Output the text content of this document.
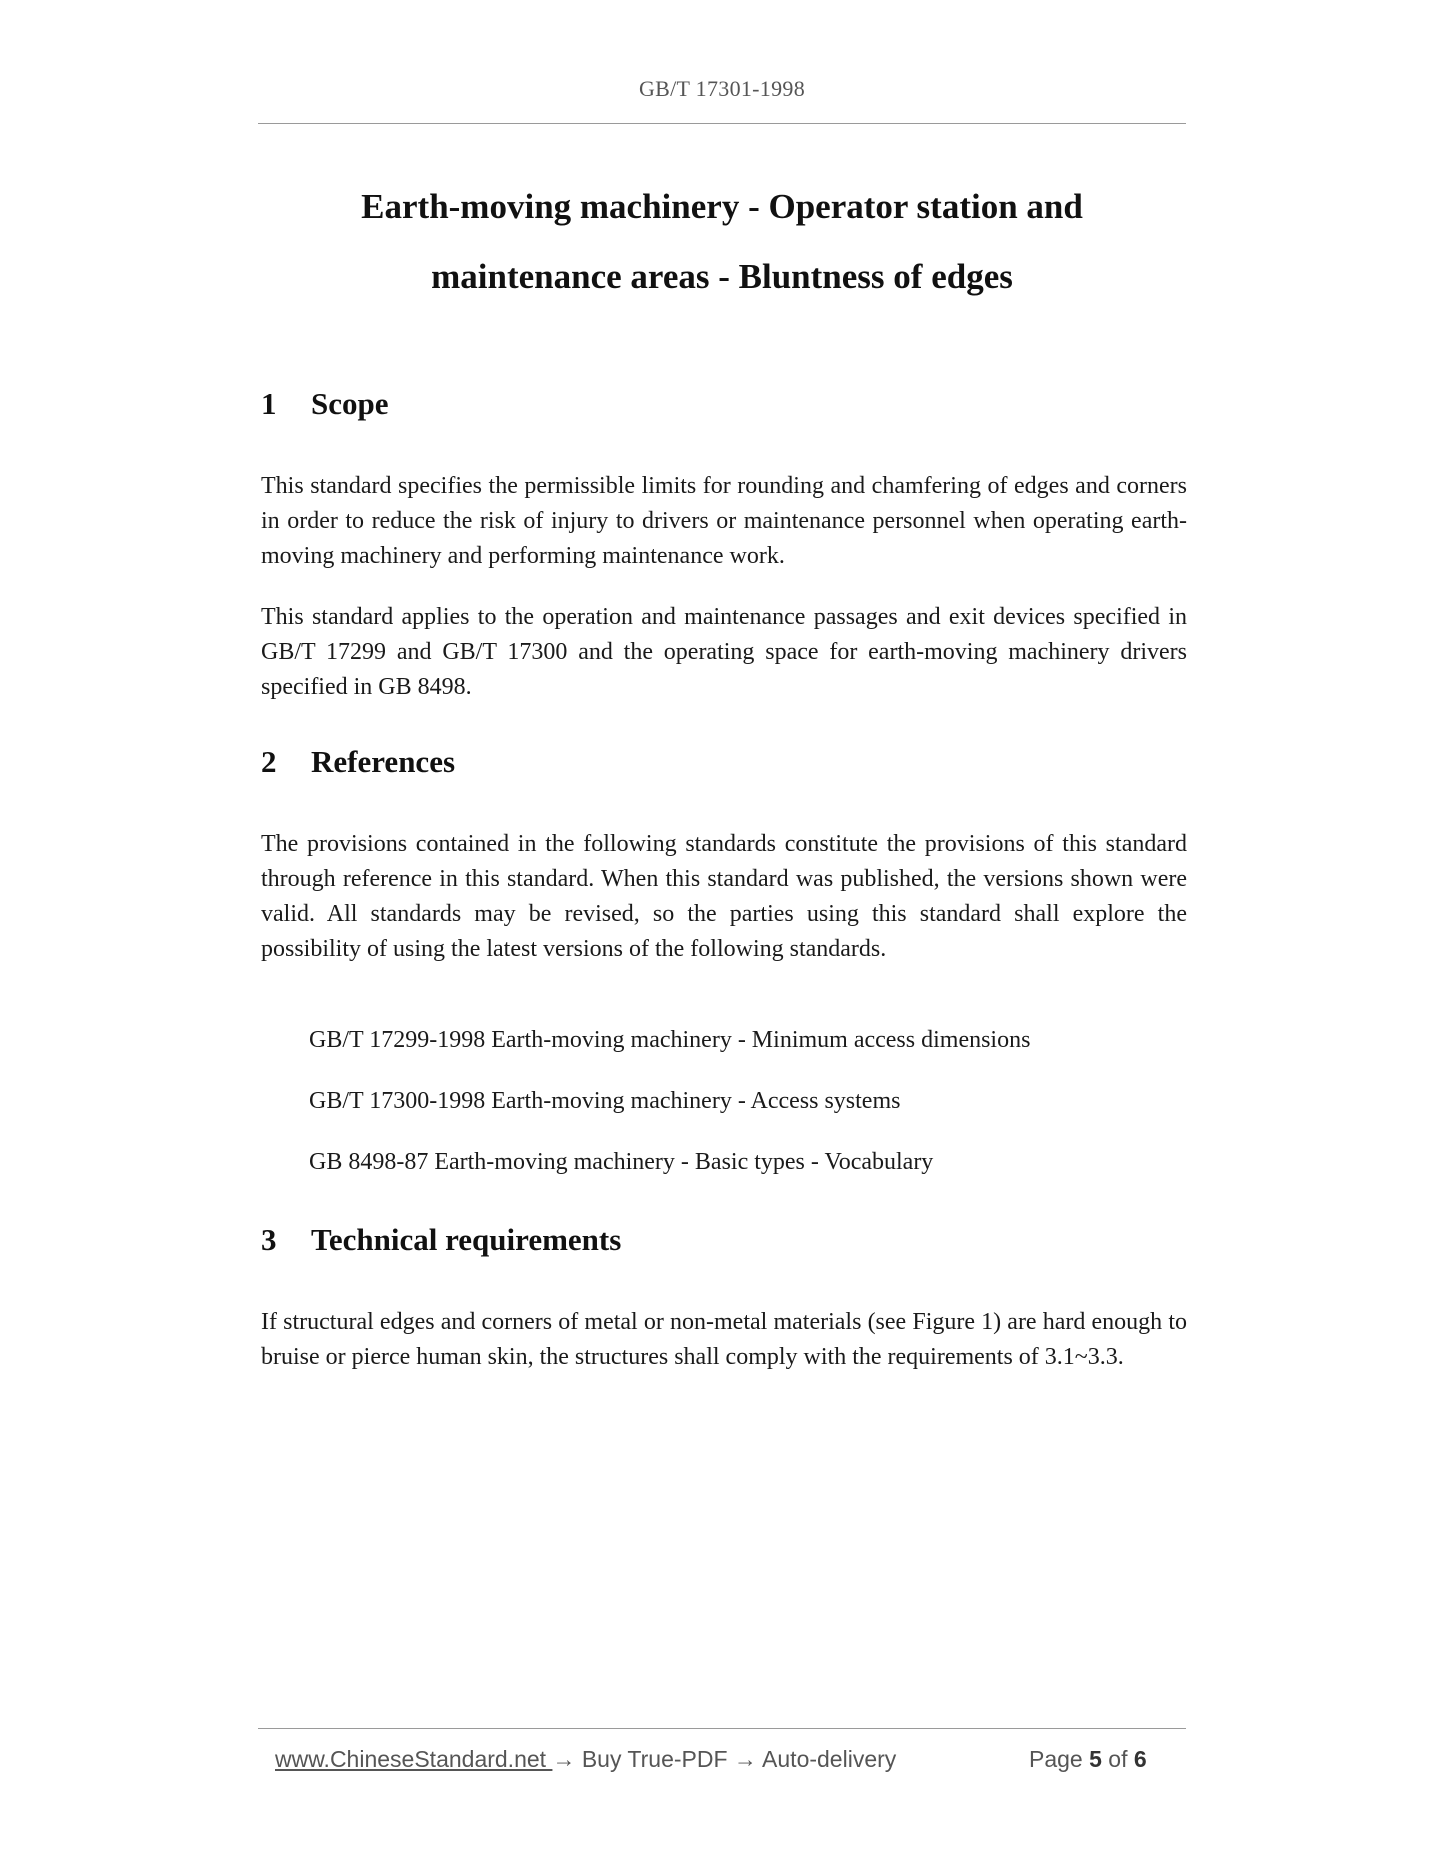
GB/T 17301-1998
Earth-moving machinery - Operator station and
maintenance areas - Bluntness of edges
1 Scope

This standard specifies the permissible limits for rounding and chamfering of edges and corners in order to reduce the risk of injury to drivers or maintenance personnel when operating earth-moving machinery and performing maintenance work.

This standard applies to the operation and maintenance passages and exit devices specified in GB/T 17299 and GB/T 17300 and the operating space for earth-moving machinery drivers specified in GB 8498.

2 References

The provisions contained in the following standards constitute the provisions of this standard through reference in this standard. When this standard was published, the versions shown were valid. All standards may be revised, so the parties using this standard shall explore the possibility of using the latest versions of the following standards.

GB/T 17299-1998 Earth-moving machinery - Minimum access dimensions
GB/T 17300-1998 Earth-moving machinery - Access systems
GB 8498-87 Earth-moving machinery - Basic types - Vocabulary
3 Technical requirements

If structural edges and corners of metal or non-metal materials (see Figure 1) are hard enough to bruise or pierce human skin, the structures shall comply with the requirements of 3.1~3.3.

www.ChineseStandard.net → Buy True-PDF → Auto-delivery	Page 5 of 6
